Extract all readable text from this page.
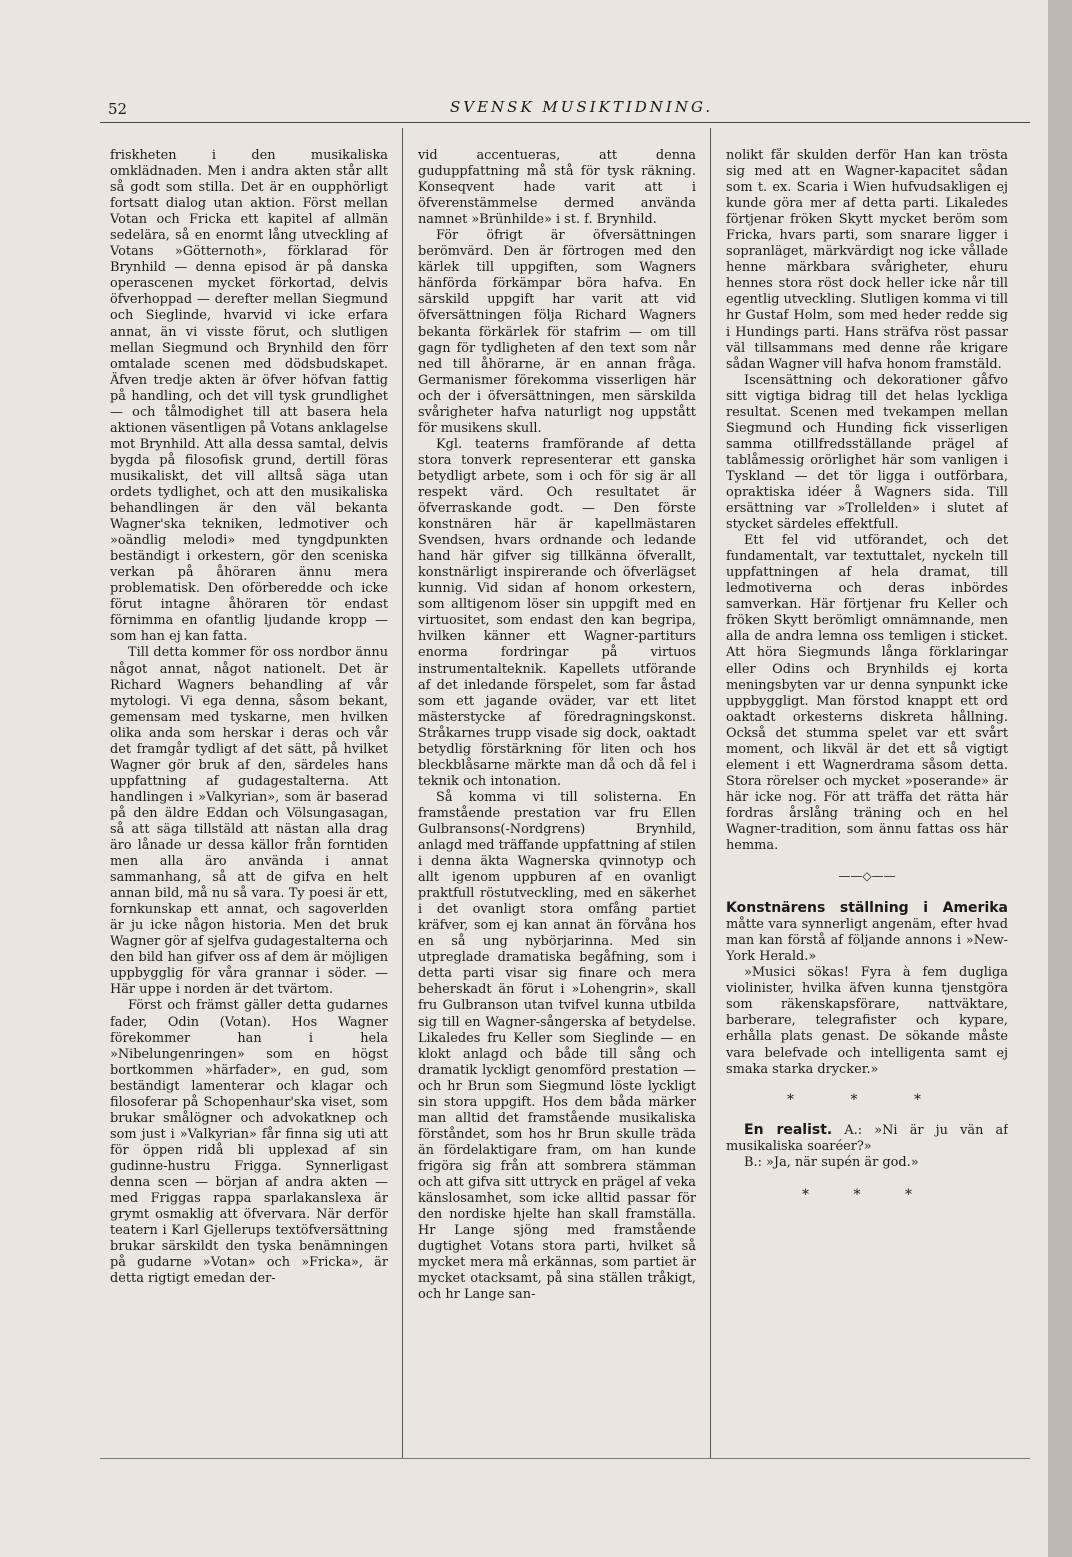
52	SVENSK MUSIKTIDNING.

friskheten i den musikaliska omklädnaden. Men i andra akten står allt så godt som stilla. Det är en oupphörligt fortsatt dialog utan aktion. Först mellan Votan och Fricka ett kapitel af allmän sedelära, så en enormt lång utveckling af Votans »Götternoth», förklarad för Brynhild — denna episod är på danska operascenen mycket förkortad, delvis öfverhoppad — derefter mellan Siegmund och Sieglinde, hvarvid vi icke erfara annat, än vi visste förut, och slutligen mellan Siegmund och Brynhild den förr omtalade scenen med dödsbudskapet. Äfven tredje akten är öfver höfvan fattig på handling, och det vill tysk grundlighet — och tålmodighet till att basera hela aktionen väsentligen på Votans anklagelse mot Brynhild. Att alla dessa samtal, delvis bygda på filosofisk grund, dertill föras musikaliskt, det vill alltså säga utan ordets tydlighet, och att den musikaliska behandlingen är den väl bekanta Wagner'ska tekniken, ledmotiver och »oändlig melodi» med tyngdpunkten beständigt i orkestern, gör den sceniska verkan på åhöraren ännu mera problematisk. Den oförberedde och icke förut intagne åhöraren tör endast förnimma en ofantlig ljudande kropp — som han ej kan fatta.

Till detta kommer för oss nordbor ännu något annat, något nationelt. Det är Richard Wagners behandling af vår mytologi. Vi ega denna, såsom bekant, gemensam med tyskarne, men hvilken olika anda som herskar i deras och vår det framgår tydligt af det sätt, på hvilket Wagner gör bruk af den, särdeles hans uppfattning af gudagestalterna. Att handlingen i »Valkyrian», som är baserad på den äldre Eddan och Völsungasagan, så att säga tillstäld att nästan alla drag äro lånade ur dessa källor från forntiden men alla äro använda i annat sammanhang, så att de gifva en helt annan bild, må nu så vara. Ty poesi är ett, fornkunskap ett annat, och sagoverlden är ju icke någon historia. Men det bruk Wagner gör af sjelfva gudagestalterna och den bild han gifver oss af dem är möjligen uppbygglig för våra grannar i söder. — Här uppe i norden är det tvärtom.

Först och främst gäller detta gudarnes fader, Odin (Votan). Hos Wagner förekommer han i hela »Nibelungenringen» som en högst bortkommen »härfader», en gud, som beständigt lamenterar och klagar och filosoferar på Schopenhaur'ska viset, som brukar smålögner och advokatknep och som just i »Valkyrian» får finna sig uti att för öppen ridå bli upplexad af sin gudinne-hustru Frigga. Synnerligast denna scen — början af andra akten — med Friggas rappa sparlakanslexa är grymt osmaklig att öfvervara. När derför teatern i Karl Gjellerups textöfversättning brukar särskildt den tyska benämningen på gudarne »Votan» och »Fricka», är detta rigtigt emedan der-

vid accentueras, att denna guduppfattning må stå för tysk räkning. Konseqvent hade varit att i öfverenstämmelse dermed använda namnet »Brünhilde» i st. f. Brynhild.

För öfrigt är öfversättningen berömvärd. Den är förtrogen med den kärlek till uppgiften, som Wagners hänförda förkämpar böra hafva. En särskild uppgift har varit att vid öfversättningen följa Richard Wagners bekanta förkärlek för stafrim — om till gagn för tydligheten af den text som når ned till åhörarne, är en annan fråga. Germanismer förekomma visserligen här och der i öfversättningen, men särskilda svårigheter hafva naturligt nog uppstått för musikens skull.

Kgl. teaterns framförande af detta stora tonverk representerar ett ganska betydligt arbete, som i och för sig är all respekt värd. Och resultatet är öfverraskande godt. — Den förste konstnären här är kapellmästaren Svendsen, hvars ordnande och ledande hand här gifver sig tillkänna öfverallt, konstnärligt inspirerande och öfverlägset kunnig. Vid sidan af honom orkestern, som alltigenom löser sin uppgift med en virtuositet, som endast den kan begripa, hvilken känner ett Wagner-partiturs enorma fordringar på virtuos instrumentalteknik. Kapellets utförande af det inledande förspelet, som far åstad som ett jagande oväder, var ett litet mästerstycke af föredragningskonst. Stråkarnes trupp visade sig dock, oaktadt betydlig förstärkning för liten och hos bleckblåsarne märkte man då och då fel i teknik och intonation.

Så komma vi till solisterna. En framstående prestation var fru Ellen Gulbransons(-Nordgrens) Brynhild, anlagd med träffande uppfattning af stilen i denna äkta Wagnerska qvinnotyp och allt igenom uppburen af en ovanligt praktfull röstutveckling, med en säkerhet i det ovanligt stora omfång partiet kräfver, som ej kan annat än förvåna hos en så ung nybörjarinna. Med sin utpreglade dramatiska begåfning, som i detta parti visar sig finare och mera beherskadt än förut i »Lohengrin», skall fru Gulbranson utan tvifvel kunna utbilda sig till en Wagner-sångerska af betydelse. Likaledes fru Keller som Sieglinde — en klokt anlagd och både till sång och dramatik lyckligt genomförd prestation — och hr Brun som Siegmund löste lyckligt sin stora uppgift. Hos dem båda märker man alltid det framstående musikaliska förståndet, som hos hr Brun skulle träda än fördelaktigare fram, om han kunde frigöra sig från att sombrera stämman och att gifva sitt uttryck en prägel af veka känslosamhet, som icke alltid passar för den nordiske hjelte han skall framställa. Hr Lange sjöng med framstående dugtighet Votans stora parti, hvilket så mycket mera må erkännas, som partiet är mycket otacksamt, på sina ställen tråkigt, och hr Lange san-

nolikt får skulden derför Han kan trösta sig med att en Wagner-kapacitet sådan som t. ex. Scaria i Wien hufvudsakligen ej kunde göra mer af detta parti. Likaledes förtjenar fröken Skytt mycket beröm som Fricka, hvars parti, som snarare ligger i sopranläget, märkvärdigt nog icke vållade henne märkbara svårigheter, ehuru hennes stora röst dock heller icke når till egentlig utveckling. Slutligen komma vi till hr Gustaf Holm, som med heder redde sig i Hundings parti. Hans sträfva röst passar väl tillsammans med denne råe krigare sådan Wagner vill hafva honom framstäld.

Iscensättning och dekorationer gåfvo sitt vigtiga bidrag till det helas lyckliga resultat. Scenen med tvekampen mellan Siegmund och Hunding fick visserligen samma otillfredsställande prägel af tablåmessig orörlighet här som vanligen i Tyskland — det tör ligga i outförbara, opraktiska idéer å Wagners sida. Till ersättning var »Trollelden» i slutet af stycket särdeles effektfull.

Ett fel vid utförandet, och det fundamentalt, var textuttalet, nyckeln till uppfattningen af hela dramat, till ledmotiverna och deras inbördes samverkan. Här förtjenar fru Keller och fröken Skytt berömligt omnämnande, men alla de andra lemna oss temligen i sticket. Att höra Siegmunds långa förklaringar eller Odins och Brynhilds ej korta meningsbyten var ur denna synpunkt icke uppbyggligt. Man förstod knappt ett ord oaktadt orkesterns diskreta hållning. Också det stumma spelet var ett svårt moment, och likväl är det ett så vigtigt element i ett Wagnerdrama såsom detta. Stora rörelser och mycket »poserande» är här icke nog. För att träffa det rätta här fordras årslång träning och en hel Wagner-tradition, som ännu fattas oss här hemma.

——◇——

Konstnärens ställning i Amerika måtte vara synnerligt angenäm, efter hvad man kan förstå af följande annons i »New-York Herald.»

»Musici sökas! Fyra à fem dugliga violinister, hvilka äfven kunna tjenstgöra som räkenskapsförare, nattväktare, barberare, telegrafister och kypare, erhålla plats genast. De sökande måste vara belefvade och intelligenta samt ej smaka starka drycker.»

* * *

En realist. A.: »Ni är ju vän af musikaliska soaréer?»

B.: »Ja, när supén är god.»

* * *
